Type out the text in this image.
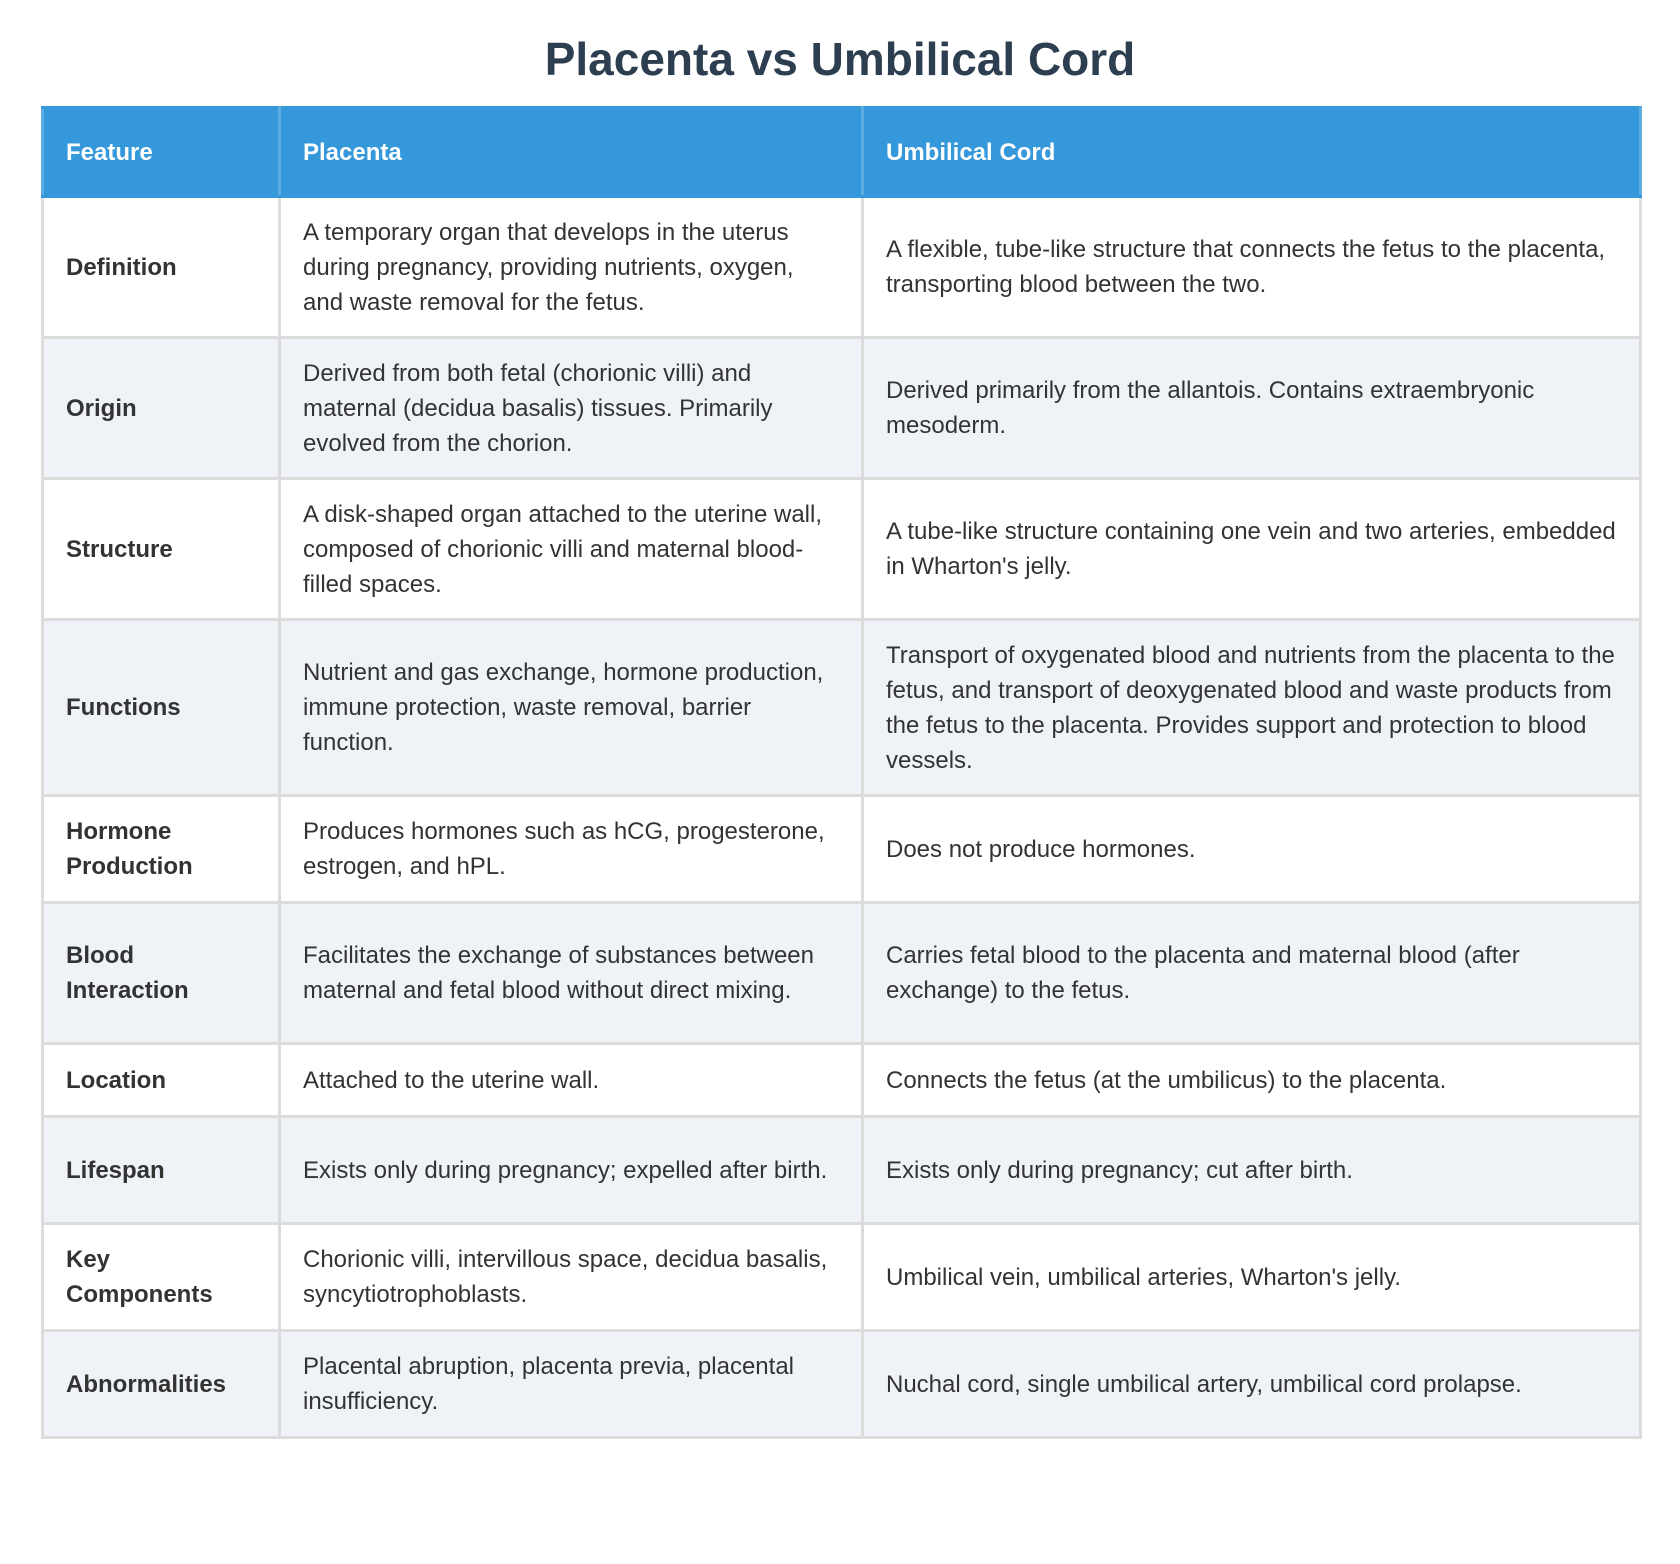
Placenta vs Umbilical Cord
Feature	Placenta	Umbilical Cord
Definition	A temporary organ that develops in the uterus during pregnancy, providing nutrients, oxygen, and waste removal for the fetus.	A flexible, tube-like structure that connects the fetus to the placenta, transporting blood between the two.
Origin	Derived from both fetal (chorionic villi) and maternal (decidua basalis) tissues. Primarily evolved from the chorion.	Derived primarily from the allantois. Contains extraembryonic mesoderm.
Structure	A disk-shaped organ attached to the uterine wall, composed of chorionic villi and maternal blood-filled spaces.	A tube-like structure containing one vein and two arteries, embedded in Wharton's jelly.
Functions	Nutrient and gas exchange, hormone production, immune protection, waste removal, barrier function.	Transport of oxygenated blood and nutrients from the placenta to the fetus, and transport of deoxygenated blood and waste products from the fetus to the placenta. Provides support and protection to blood vessels.
Hormone Production	Produces hormones such as hCG, progesterone, estrogen, and hPL.	Does not produce hormones.
Blood Interaction	Facilitates the exchange of substances between maternal and fetal blood without direct mixing.	Carries fetal blood to the placenta and maternal blood (after exchange) to the fetus.
Location	Attached to the uterine wall.	Connects the fetus (at the umbilicus) to the placenta.
Lifespan	Exists only during pregnancy; expelled after birth.	Exists only during pregnancy; cut after birth.
Key Components	Chorionic villi, intervillous space, decidua basalis, syncytiotrophoblasts.	Umbilical vein, umbilical arteries, Wharton's jelly.
Abnormalities	Placental abruption, placenta previa, placental insufficiency.	Nuchal cord, single umbilical artery, umbilical cord prolapse.
